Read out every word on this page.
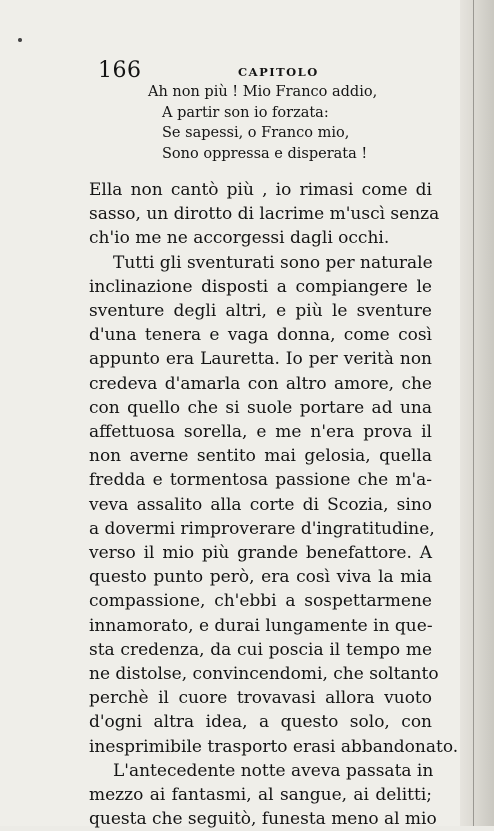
166	CAPITOLO
Ah non più ! Mio Franco addio,
A partir son io forzata:
Se sapessi, o Franco mio,
Sono oppressa e disperata !

Ella non cantò più , io rimasi come di
sasso, un dirotto di lacrime m'uscì senza
ch'io me ne accorgessi dagli occhi.

Tutti gli sventurati sono per naturale
inclinazione disposti a compiangere le
sventure degli altri, e più le sventure
d'una tenera e vaga donna, come così
appunto era Lauretta. Io per verità non
credeva d'amarla con altro amore, che
con quello che si suole portare ad una
affettuosa sorella, e me n'era prova il
non averne sentito mai gelosia, quella
fredda e tormentosa passione che m'a-
veva assalito alla corte di Scozia, sino
a dovermi rimproverare d'ingratitudine,
verso il mio più grande benefattore. A
questo punto però, era così viva la mia
compassione, ch'ebbi a sospettarmene
innamorato, e durai lungamente in que-
sta credenza, da cui poscia il tempo me
ne distolse, convincendomi, che soltanto
perchè il cuore trovavasi allora vuoto
d'ogni altra idea, a questo solo, con
inesprimibile trasporto erasi abbandonato.

L'antecedente notte aveva passata in
mezzo ai fantasmi, al sangue, ai delitti;
questa che seguitò, funesta meno al mio
